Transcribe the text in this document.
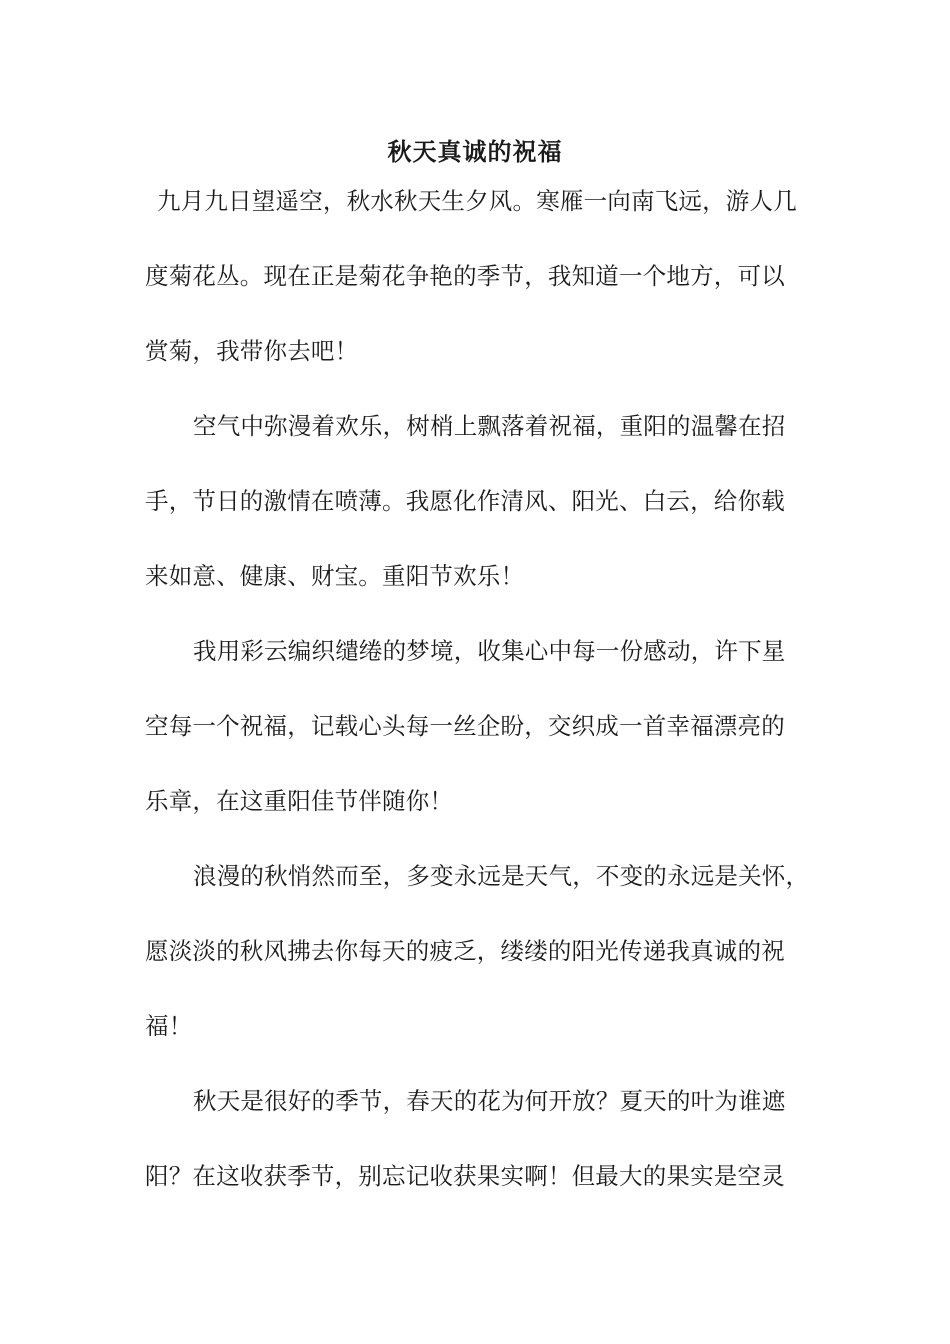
秋天真诚的祝福
九月九日望遥空，秋水秋天生夕风。寒雁一向南飞远，游人几
度菊花丛。现在正是菊花争艳的季节，我知道一个地方，可以
赏菊，我带你去吧！
空气中弥漫着欢乐，树梢上飘落着祝福，重阳的温馨在招
手，节日的激情在喷薄。我愿化作清风、阳光、白云，给你载
来如意、健康、财宝。重阳节欢乐！
我用彩云编织缱绻的梦境，收集心中每一份感动，许下星
空每一个祝福，记载心头每一丝企盼，交织成一首幸福漂亮的
乐章，在这重阳佳节伴随你！
浪漫的秋悄然而至，多变永远是天气，不变的永远是关怀，
愿淡淡的秋风拂去你每天的疲乏，缕缕的阳光传递我真诚的祝
福！
秋天是很好的季节，春天的花为何开放？夏天的叶为谁遮
阳？在这收获季节，别忘记收获果实啊！但最大的果实是空灵
